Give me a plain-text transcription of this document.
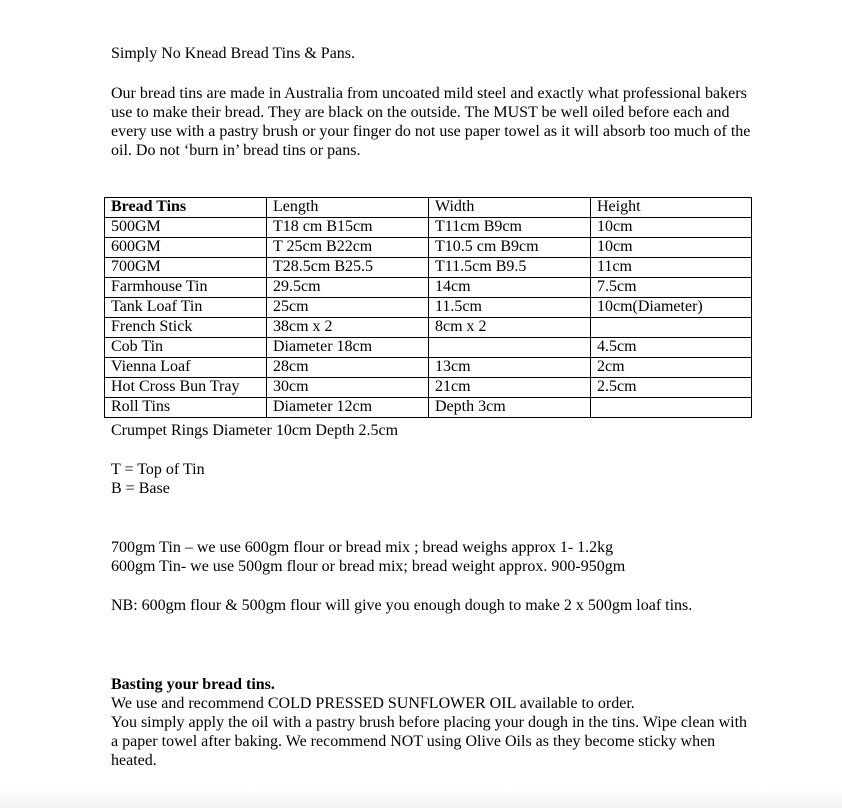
Simply No Knead Bread Tins & Pans.

Our bread tins are made in Australia from uncoated mild steel and exactly what professional bakers use to make their bread. They are black on the outside. The MUST be well oiled before each and every use with a pastry brush or your finger do not use paper towel as it will absorb too much of the oil. Do not ‘burn in’ bread tins or pans.

Bread Tins	Length	Width	Height
500GM	T18 cm B15cm	T11cm B9cm	10cm
600GM	T 25cm B22cm	T10.5 cm B9cm	10cm
700GM	T28.5cm B25.5	T11.5cm B9.5	11cm
Farmhouse Tin	29.5cm	14cm	7.5cm
Tank Loaf Tin	25cm	11.5cm	10cm(Diameter)
French Stick	38cm x 2	8cm x 2	
Cob Tin	Diameter 18cm		4.5cm
Vienna Loaf	28cm	13cm	2cm
Hot Cross Bun Tray	30cm	21cm	2.5cm
Roll Tins	Diameter 12cm	Depth 3cm	
Crumpet Rings Diameter 10cm Depth 2.5cm
T = Top of Tin
B = Base
700gm Tin – we use 600gm flour or bread mix ; bread weighs approx 1- 1.2kg
600gm Tin- we use 500gm flour or bread mix; bread weight approx. 900-950gm
NB: 600gm flour & 500gm flour will give you enough dough to make 2 x 500gm loaf tins.
Basting your bread tins.
We use and recommend COLD PRESSED SUNFLOWER OIL available to order.
You simply apply the oil with a pastry brush before placing your dough in the tins. Wipe clean with a paper towel after baking. We recommend NOT using Olive Oils as they become sticky when heated.
